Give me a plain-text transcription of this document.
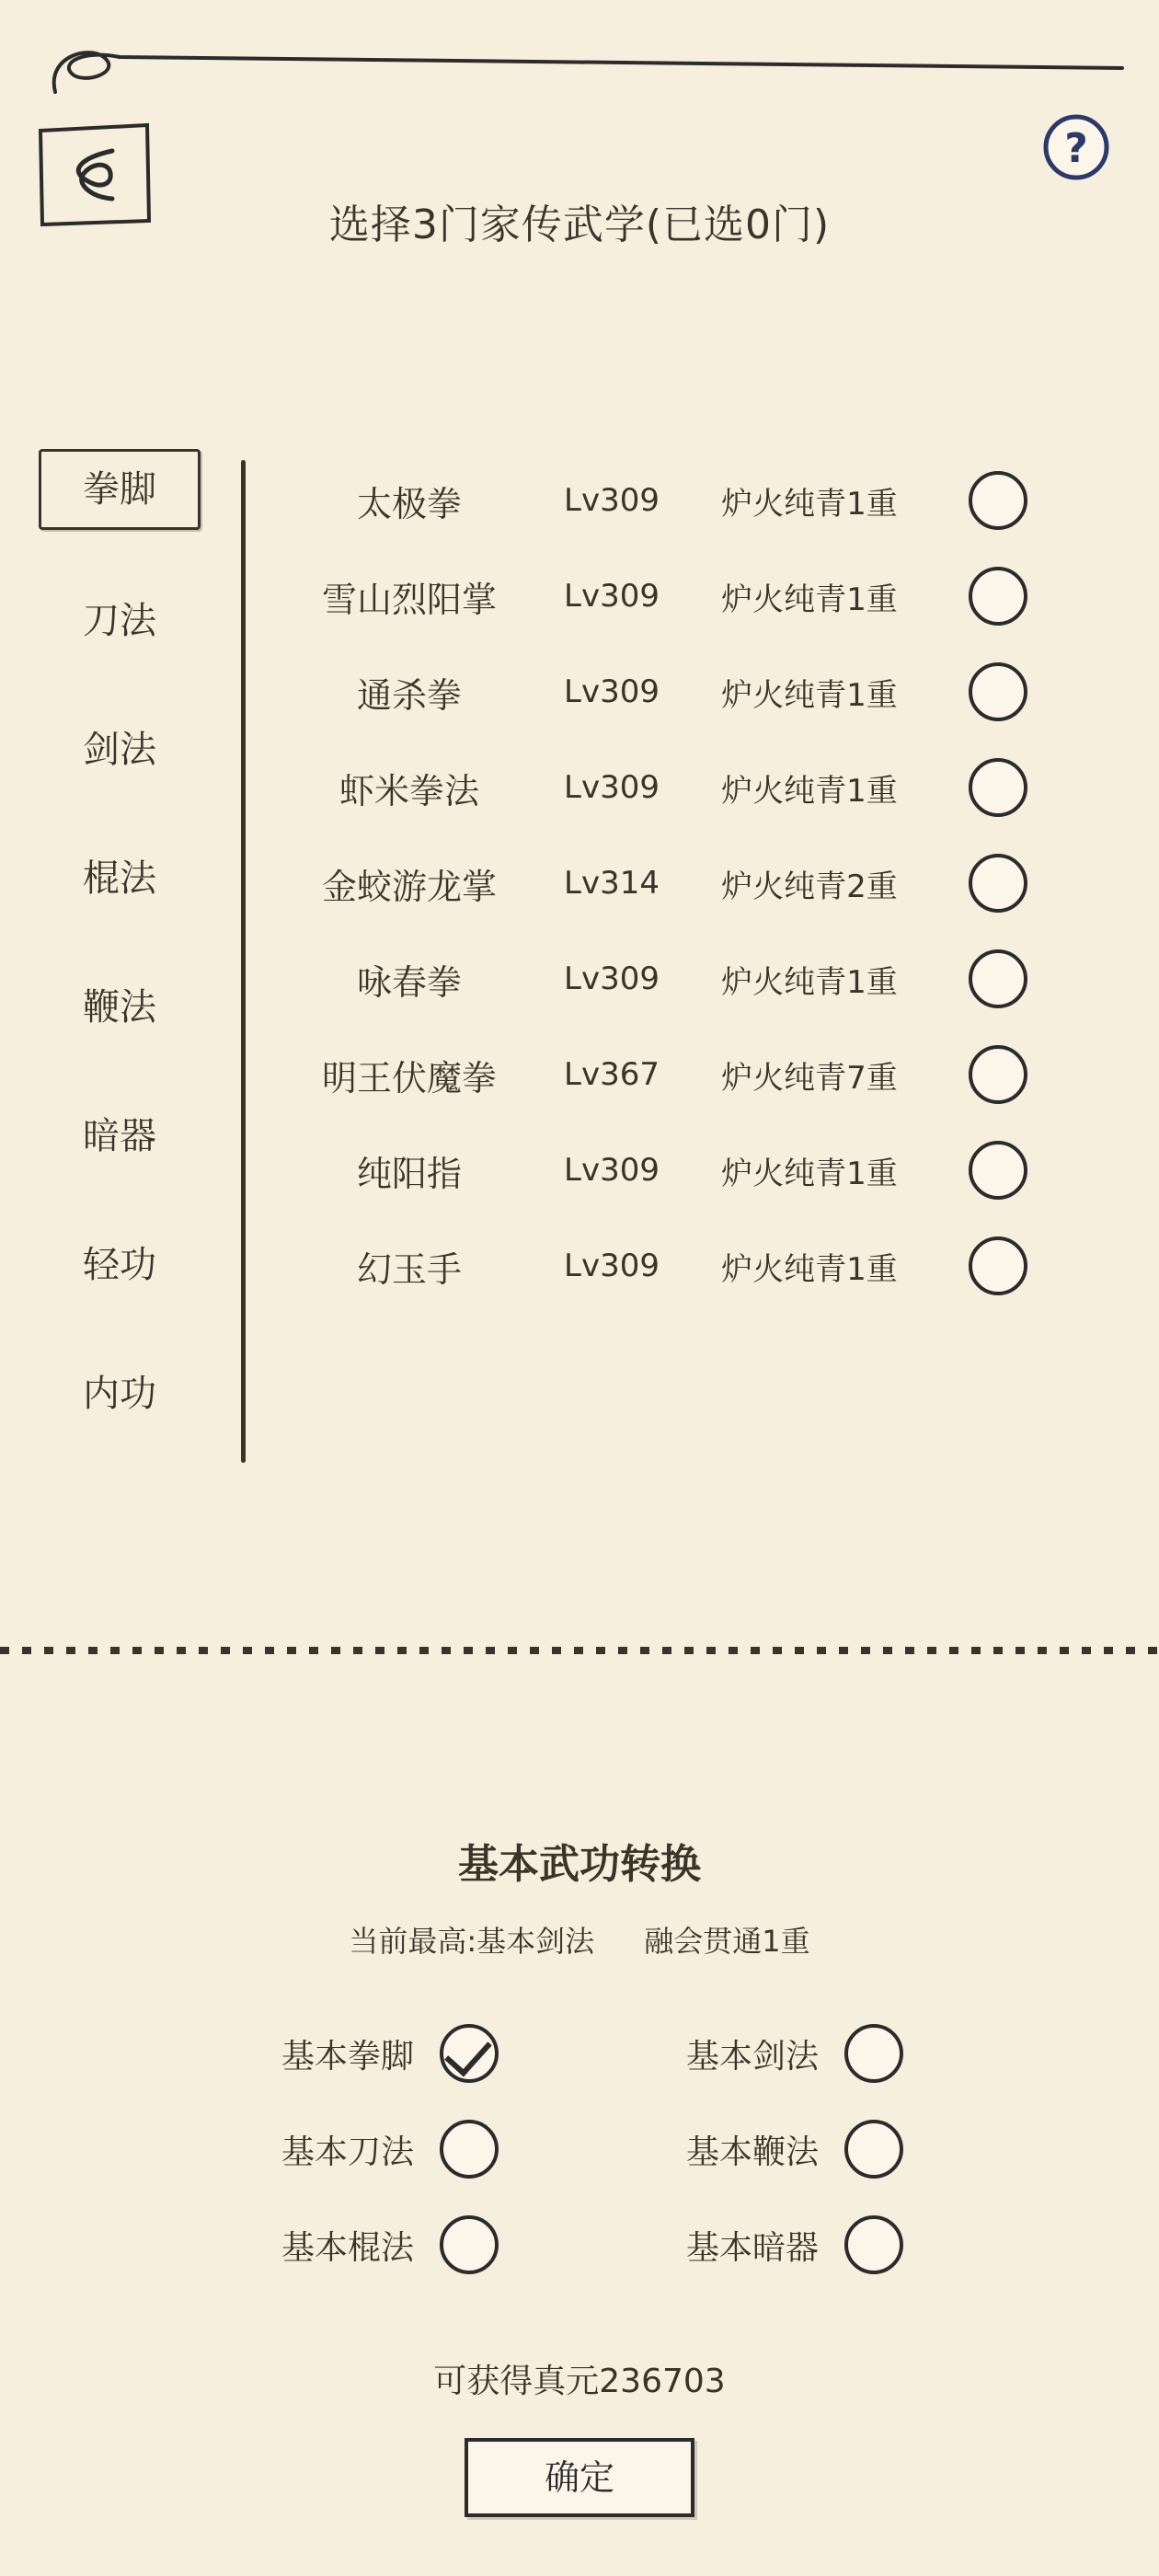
?
选择3门家传武学(已选0门)
拳脚
刀法
剑法
棍法
鞭法
暗器
轻功
内功
太极拳	Lv309	炉火纯青1重
雪山烈阳掌	Lv309	炉火纯青1重
通杀拳	Lv309	炉火纯青1重
虾米拳法	Lv309	炉火纯青1重
金蛟游龙掌	Lv314	炉火纯青2重
咏春拳	Lv309	炉火纯青1重
明王伏魔拳	Lv367	炉火纯青7重
纯阳指	Lv309	炉火纯青1重
幻玉手	Lv309	炉火纯青1重
基本武功转换
当前最高:基本剑法 融会贯通1重
基本拳脚	基本剑法
基本刀法	基本鞭法
基本棍法	基本暗器
可获得真元236703
确定
